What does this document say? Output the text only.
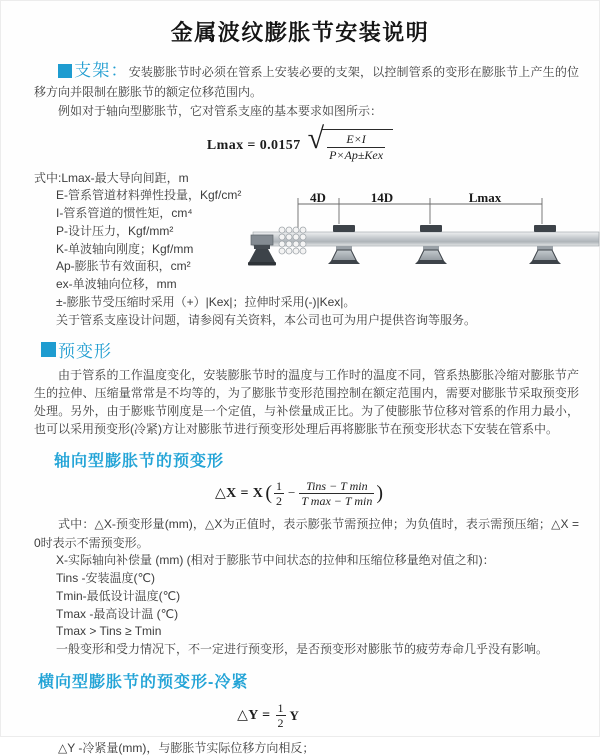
金属波纹膨胀节安装说明

支架：安装膨胀节时必须在管系上安装必要的支架，以控制管系的变形在膨胀节上产生的位移方向并限制在膨胀节的额定位移范围内。

例如对于轴向型膨胀节，它对管系支座的基本要求如图所示：

Lmax = 0.0157 √ $\frac{E\times I}{\text{P×Ap±Kex}}$
式中:Lmax-最大导向间距，m
E-管系管道材料弹性投量，Kgf/cm²
I-管系管道的惯性矩，cm⁴
P-设计压力，Kgf/mm²
K-单波轴向刚度；Kgf/mm
Ap-膨胀节有效面积，cm²
ex-单波轴向位移，mm
±-膨胀节受压缩时采用（+）|Kex|；拉伸时采用(-)|Kex|。
关于管系支座设计问题，请参阅有关资料，本公司也可为用户提供咨询等服务。
4D	14D	Lmax
预变形

由于管系的工作温度变化，安装膨胀节时的温度与工作时的温度不同，管系热膨胀冷缩对膨胀节产生的拉伸、压缩量常常是不均等的，为了膨胀节变形范围控制在额定范围内，需要对膨胀节采取预变形处理。另外，由于膨账节刚度是一个定值，与补偿量成正比。为了使膨胀节位移对管系的作用力最小，也可以采用预变形(冷紧)方让对膨胀节进行预变形处理后再将膨胀节在预变形状态下安装在管系中。

轴向型膨胀节的预变形
△X = X ( $\frac{1}{2} - \frac{\text{Tins − T min}}{\text{T max − T min}}$ )

式中：△X-预变形量(mm)，△X为正值时，表示膨张节需预拉伸；为负值时，表示需预压缩；△X = 0时表示不需预变形。

X-实际轴向补偿量 (mm) (相对于膨胀节中间状态的拉伸和压缩位移量绝对值之和)：
Tins -安装温度(℃)
Tmin-最低设计温度(℃)
Tmax -最高设计温 (℃)
Tmax > Tins ≥ Tmin
一般变形和受力情况下，不一定进行预变形，是否预变形对膨胀节的疲劳寿命几乎没有影响。
横向型膨胀节的预变形-冷紧
△Y = $\frac{1}{2}$ Y

△Y -冷紧量(mm)，与膨胀节实际位移方向相反；
